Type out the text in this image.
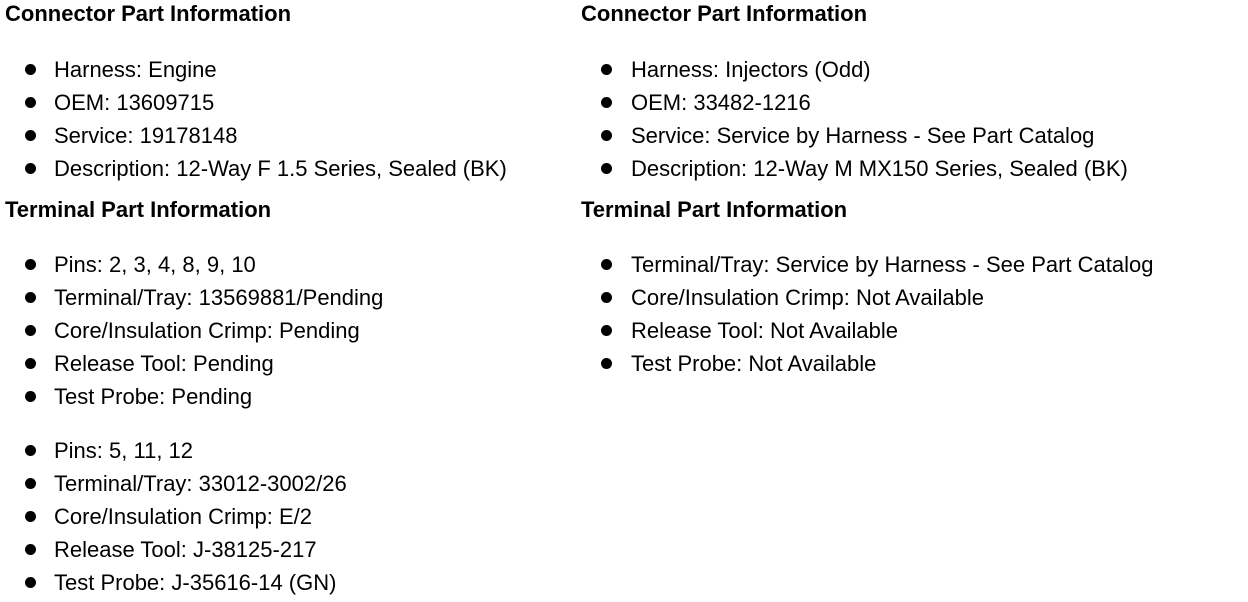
Connector Part Information
Harness: Engine
OEM: 13609715
Service: 19178148
Description: 12-Way F 1.5 Series, Sealed (BK)
Terminal Part Information
Pins: 2, 3, 4, 8, 9, 10
Terminal/Tray: 13569881/Pending
Core/Insulation Crimp: Pending
Release Tool: Pending
Test Probe: Pending
Pins: 5, 11, 12
Terminal/Tray: 33012-3002/26
Core/Insulation Crimp: E/2
Release Tool: J-38125-217
Test Probe: J-35616-14 (GN)
Connector Part Information
Harness: Injectors (Odd)
OEM: 33482-1216
Service: Service by Harness - See Part Catalog
Description: 12-Way M MX150 Series, Sealed (BK)
Terminal Part Information
Terminal/Tray: Service by Harness - See Part Catalog
Core/Insulation Crimp: Not Available
Release Tool: Not Available
Test Probe: Not Available
